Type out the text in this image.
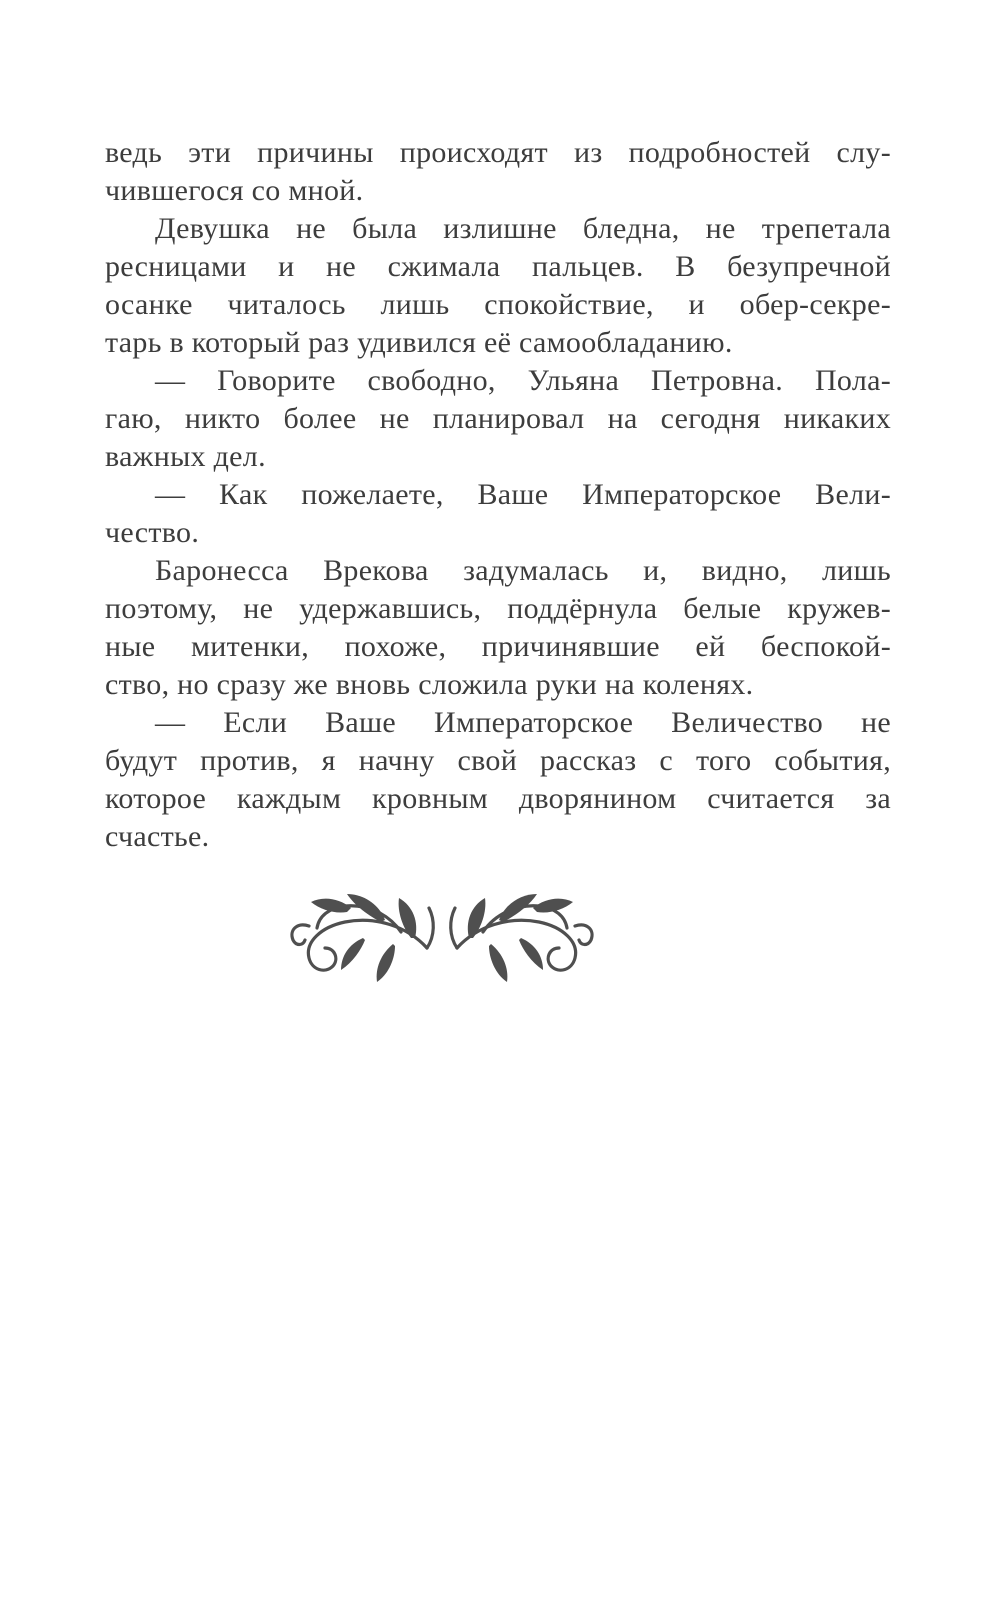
ведь эти причины происходят из подробностей слу-
чившегося со мной.

Девушка не была излишне бледна, не трепетала
ресницами и не сжимала пальцев. В безупречной
осанке читалось лишь спокойствие, и обер-секре-
тарь в который раз удивился её самообладанию.

— Говорите свободно, Ульяна Петровна. Пола-
гаю, никто более не планировал на сегодня никаких
важных дел.

— Как пожелаете, Ваше Императорское Вели-
чество.

Баронесса Врекова задумалась и, видно, лишь
поэтому, не удержавшись, поддёрнула белые кружев-
ные митенки, похоже, причинявшие ей беспокой-
ство, но сразу же вновь сложила руки на коленях.

— Если Ваше Императорское Величество не
будут против, я начну свой рассказ с того события,
которое каждым кровным дворянином считается за
счастье.
